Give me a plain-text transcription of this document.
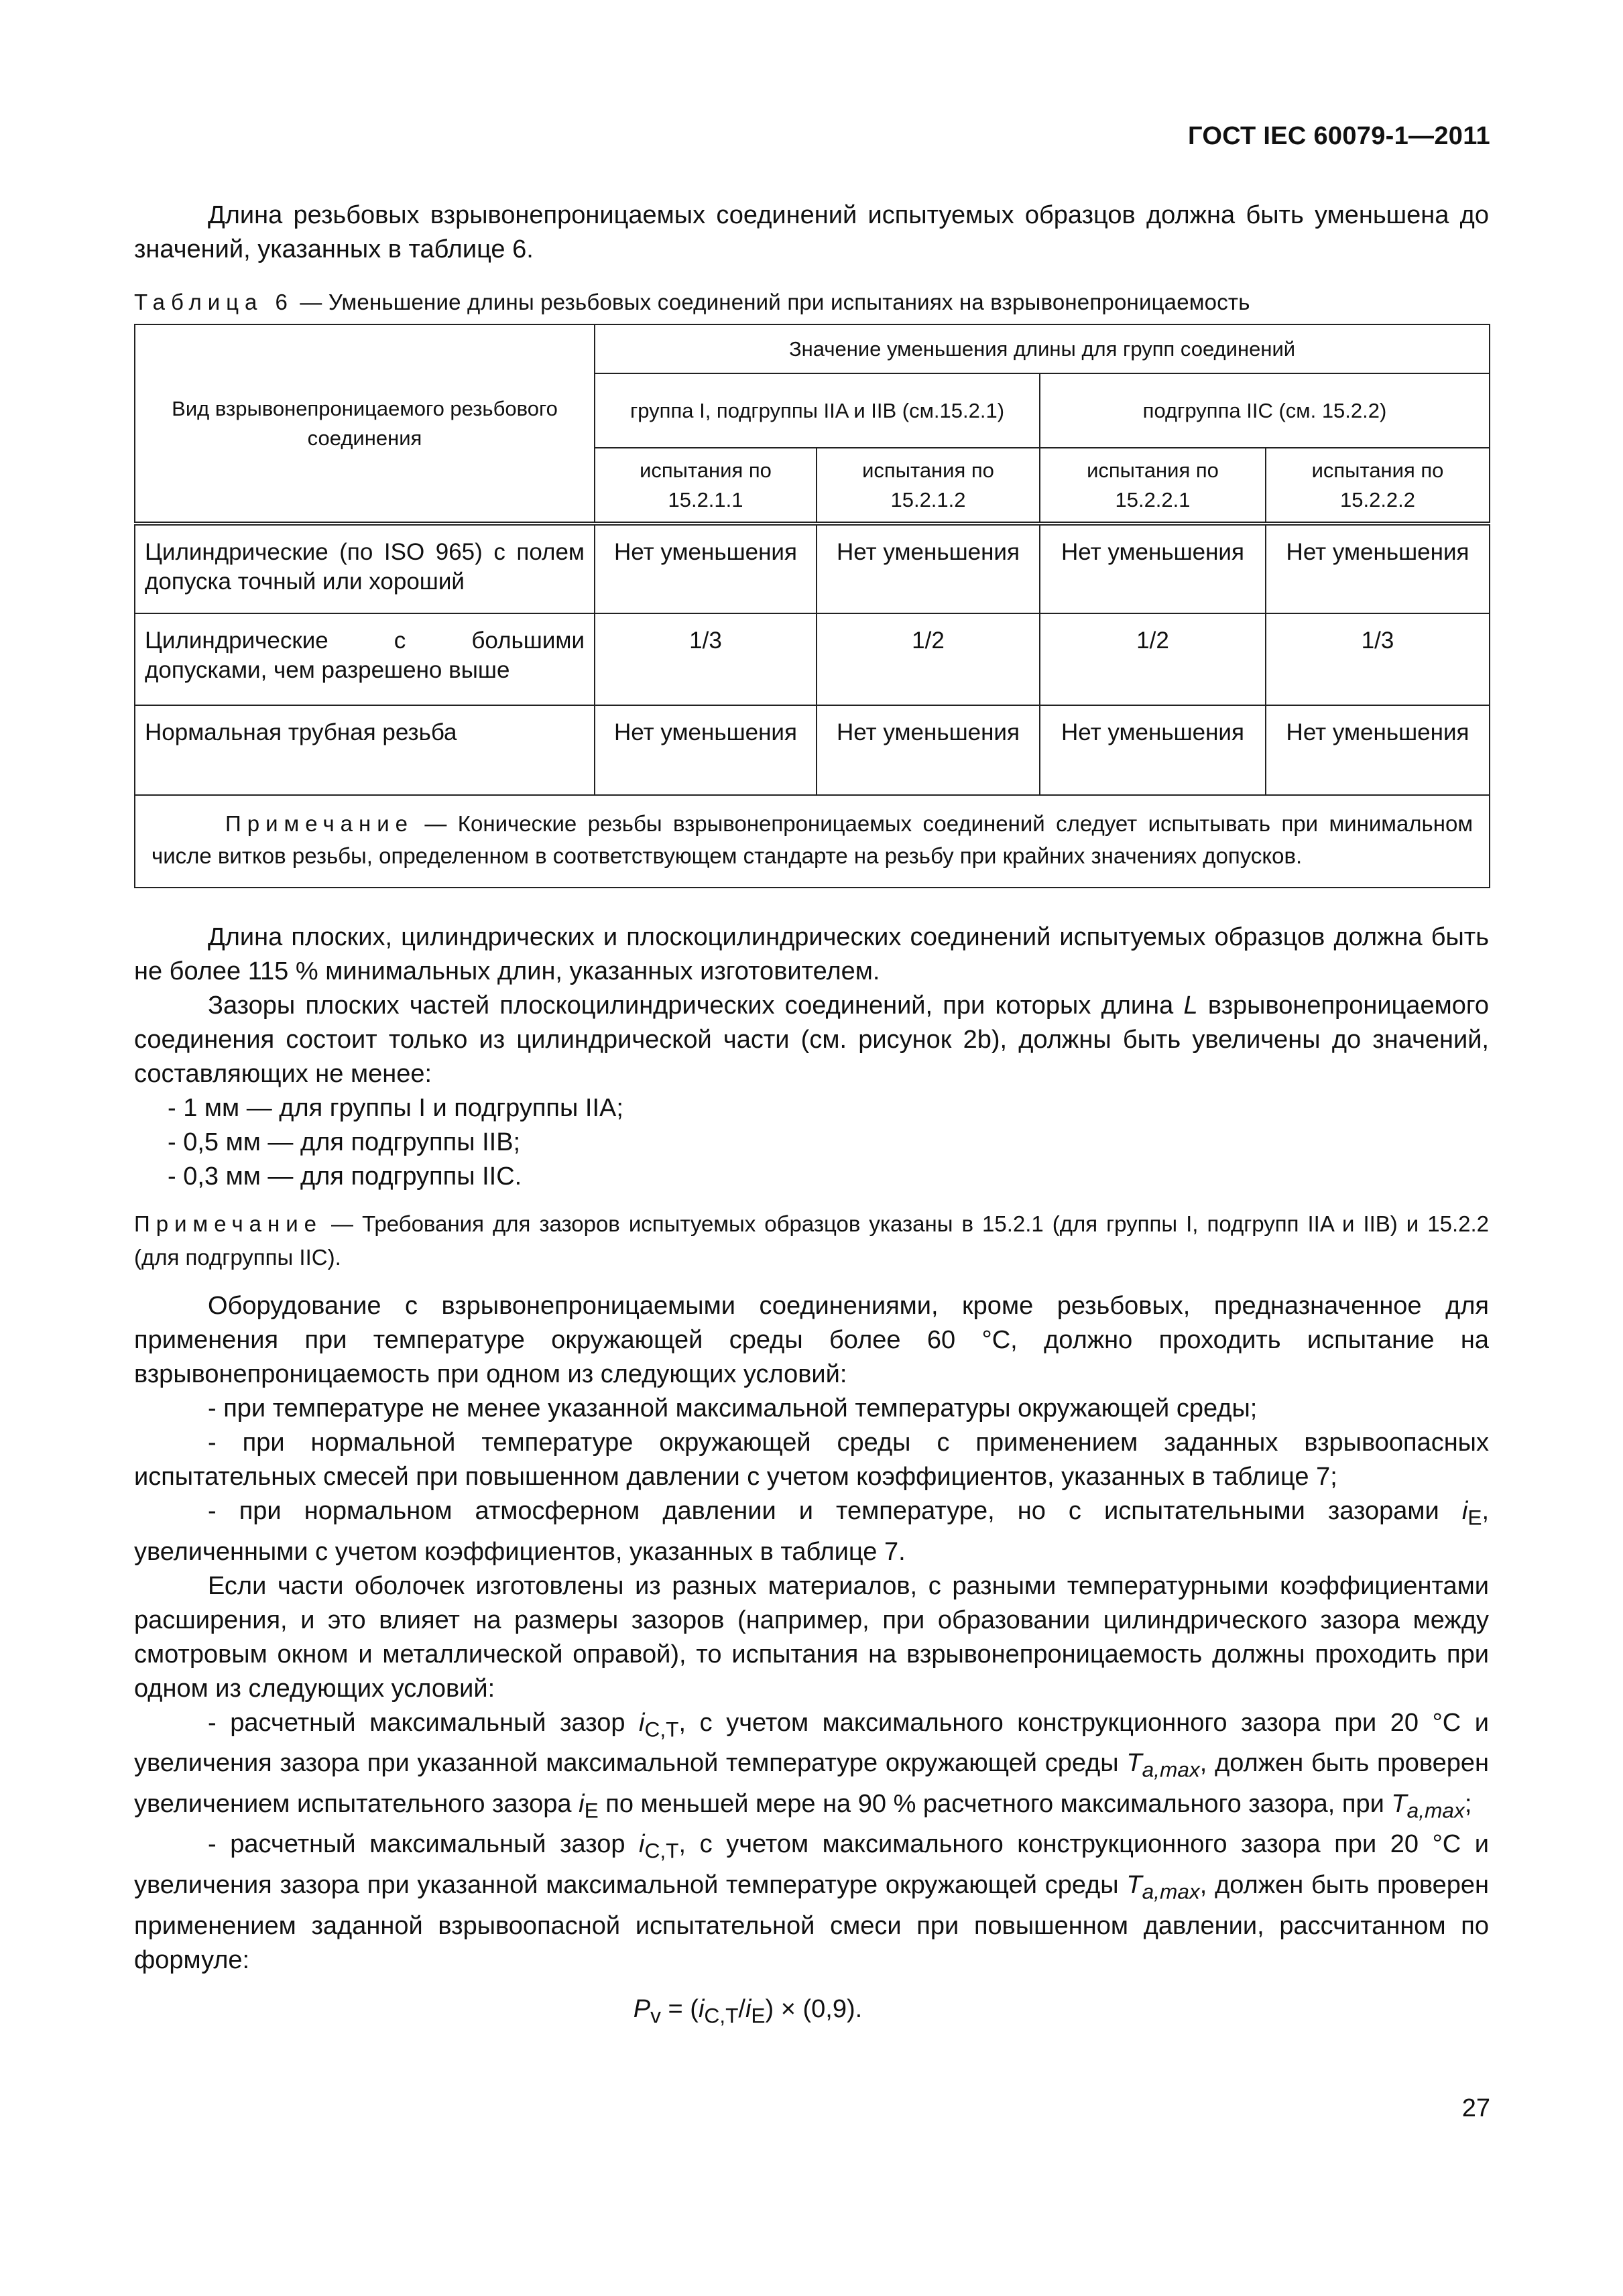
ГОСТ IEC 60079-1—2011

Длина резьбовых взрывонепроницаемых соединений испытуемых образцов должна быть уменьшена до значений, указанных в таблице 6.

Таблица 6 — Уменьшение длины резьбовых соединений при испытаниях на взрывонепроницаемость
Вид взрывонепроницаемого резьбового соединения	Значение уменьшения длины для групп соединений			
	группа I, подгруппы IIA и IIB (см.15.2.1)		подгруппа IIC (см. 15.2.2)	
	испытания по 15.2.1.1	испытания по 15.2.1.2	испытания по 15.2.2.1	испытания по 15.2.2.2
Цилиндрические (по ISO 965) с полем допуска точный или хороший	Нет уменьшения	Нет уменьшения	Нет уменьшения	Нет уменьшения
Цилиндрические с большими допусками, чем разрешено выше	1/3	1/2	1/2	1/3
Нормальная трубная резьба	Нет уменьшения	Нет уменьшения	Нет уменьшения	Нет уменьшения
Примечание — Конические резьбы взрывонепроницаемых соединений следует испытывать при минимальном числе витков резьбы, определенном в соответствующем стандарте на резьбу при крайних значениях допусков.				

Длина плоских, цилиндрических и плоскоцилиндрических соединений испытуемых образцов должна быть не более 115 % минимальных длин, указанных изготовителем.

Зазоры плоских частей плоскоцилиндрических соединений, при которых длина L взрывонепроницаемого соединения состоит только из цилиндрической части (см. рисунок 2b), должны быть увеличены до значений, составляющих не менее:

- 1 мм — для группы I и подгруппы IIA;
- 0,5 мм — для подгруппы IIB;
- 0,3 мм — для подгруппы IIC.

Примечание — Требования для зазоров испытуемых образцов указаны в 15.2.1 (для группы I, подгрупп IIA и IIB) и 15.2.2 (для подгруппы IIC).

Оборудование с взрывонепроницаемыми соединениями, кроме резьбовых, предназначенное для применения при температуре окружающей среды более 60 °С, должно проходить испытание на взрывонепроницаемость при одном из следующих условий:

- при температуре не менее указанной максимальной температуры окружающей среды;

- при нормальной температуре окружающей среды с применением заданных взрывоопасных испытательных смесей при повышенном давлении с учетом коэффициентов, указанных в таблице 7;

- при нормальном атмосферном давлении и температуре, но с испытательными зазорами $i_E$, увеличенными с учетом коэффициентов, указанных в таблице 7.

Если части оболочек изготовлены из разных материалов, с разными температурными коэффициентами расширения, и это влияет на размеры зазоров (например, при образовании цилиндрического зазора между смотровым окном и металлической оправой), то испытания на взрывонепроницаемость должны проходить при одном из следующих условий:

- расчетный максимальный зазор $i_{C,T}$, с учетом максимального конструкционного зазора при 20 °С и увеличения зазора при указанной максимальной температуре окружающей среды $T_{a,max}$, должен быть проверен увеличением испытательного зазора $i_E$ по меньшей мере на 90 % расчетного максимального зазора, при $T_{a,max}$;

- расчетный максимальный зазор $i_{C,T}$, с учетом максимального конструкционного зазора при 20 °С и увеличения зазора при указанной максимальной температуре окружающей среды $T_{a,max}$, должен быть проверен применением заданной взрывоопасной испытательной смеси при повышенном давлении, рассчитанном по формуле:

$P_v = (i_{C,T}/i_E) \times (0,9)$.
27
